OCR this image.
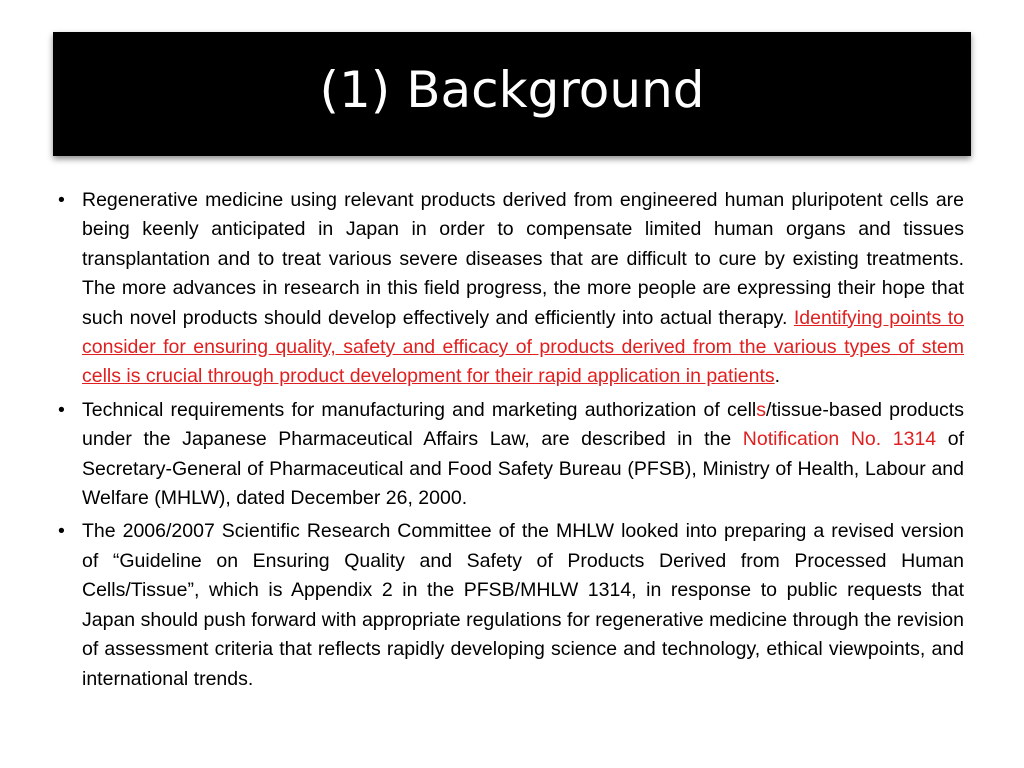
(1) Background
• Regenerative medicine using relevant products derived from engineered human pluripotent cells are being keenly anticipated in Japan in order to compensate limited human organs and tissues transplantation and to treat various severe diseases that are difficult to cure by existing treatments. The more advances in research in this field progress, the more people are expressing their hope that such novel products should develop effectively and efficiently into actual therapy. Identifying points to consider for ensuring quality, safety and efficacy of products derived from the various types of stem cells is crucial through product development for their rapid application in patients.
• Technical requirements for manufacturing and marketing authorization of cells/tissue-based products under the Japanese Pharmaceutical Affairs Law, are described in the Notification No. 1314 of Secretary-General of Pharmaceutical and Food Safety Bureau (PFSB), Ministry of Health, Labour and Welfare (MHLW), dated December 26, 2000.
• The 2006/2007 Scientific Research Committee of the MHLW looked into preparing a revised version of “Guideline on Ensuring Quality and Safety of Products Derived from Processed Human Cells/Tissue”, which is Appendix 2 in the PFSB/MHLW 1314, in response to public requests that Japan should push forward with appropriate regulations for regenerative medicine through the revision of assessment criteria that reflects rapidly developing science and technology, ethical viewpoints, and international trends.
